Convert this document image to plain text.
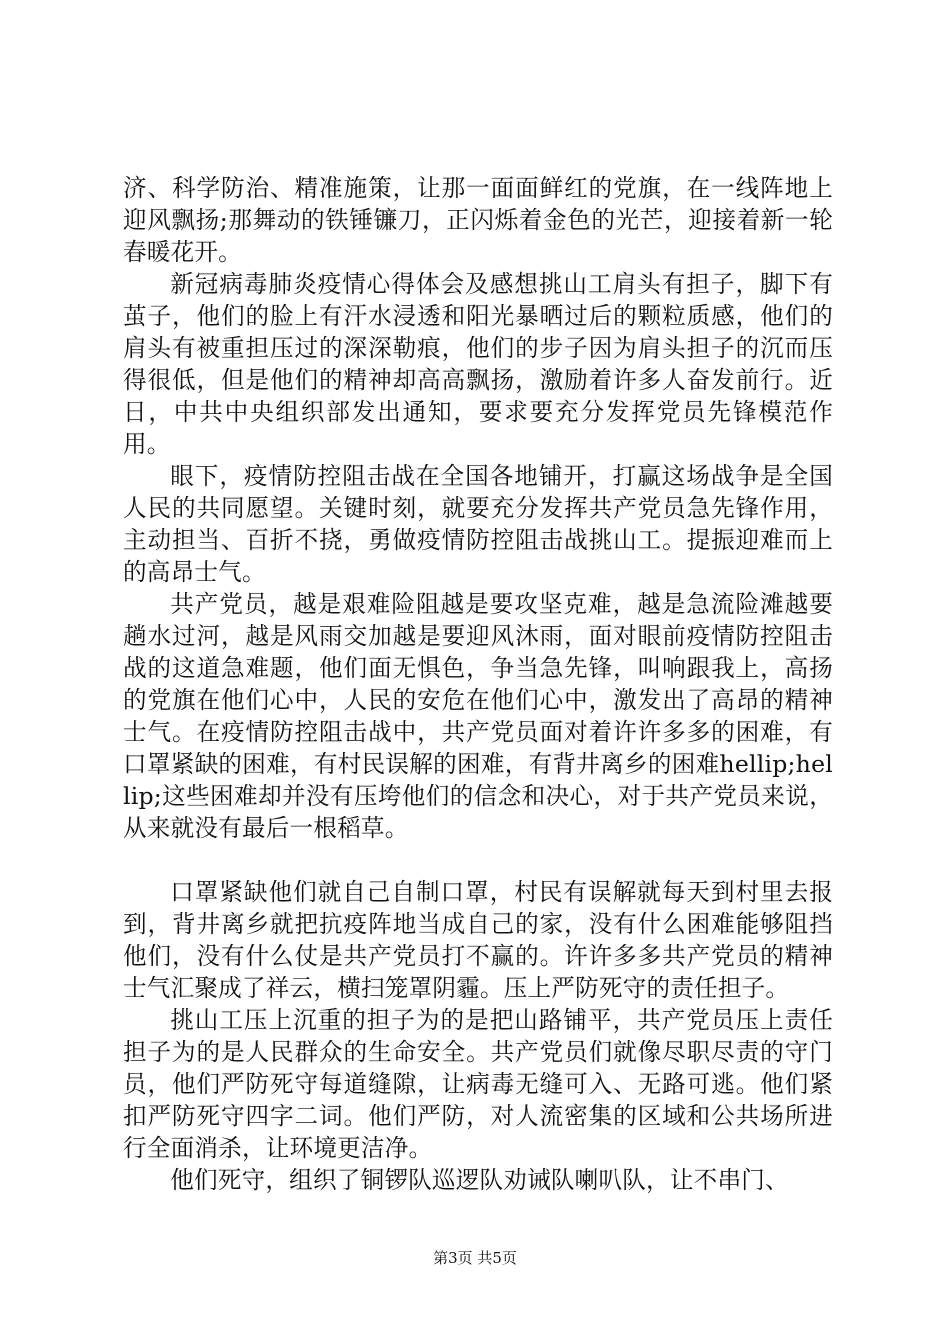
济、科学防治、精准施策，让那一面面鲜红的党旗，在一线阵地上迎风飘扬;那舞动的铁锤镰刀，正闪烁着金色的光芒，迎接着新一轮春暖花开。

新冠病毒肺炎疫情心得体会及感想挑山工肩头有担子，脚下有茧子，他们的脸上有汗水浸透和阳光暴晒过后的颗粒质感，他们的肩头有被重担压过的深深勒痕，他们的步子因为肩头担子的沉而压得很低，但是他们的精神却高高飘扬，激励着许多人奋发前行。近日，中共中央组织部发出通知，要求要充分发挥党员先锋模范作用。

眼下，疫情防控阻击战在全国各地铺开，打赢这场战争是全国人民的共同愿望。关键时刻，就要充分发挥共产党员急先锋作用，主动担当、百折不挠，勇做疫情防控阻击战挑山工。提振迎难而上的高昂士气。

共产党员，越是艰难险阻越是要攻坚克难，越是急流险滩越要趟水过河，越是风雨交加越是要迎风沐雨，面对眼前疫情防控阻击战的这道急难题，他们面无惧色，争当急先锋，叫响跟我上，高扬的党旗在他们心中，人民的安危在他们心中，激发出了高昂的精神士气。在疫情防控阻击战中，共产党员面对着许许多多的困难，有口罩紧缺的困难，有村民误解的困难，有背井离乡的困难hellip;hellip;这些困难却并没有压垮他们的信念和决心，对于共产党员来说，从来就没有最后一根稻草。

口罩紧缺他们就自己自制口罩，村民有误解就每天到村里去报到，背井离乡就把抗疫阵地当成自己的家，没有什么困难能够阻挡他们，没有什么仗是共产党员打不赢的。许许多多共产党员的精神士气汇聚成了祥云，横扫笼罩阴霾。压上严防死守的责任担子。

挑山工压上沉重的担子为的是把山路铺平，共产党员压上责任担子为的是人民群众的生命安全。共产党员们就像尽职尽责的守门员，他们严防死守每道缝隙，让病毒无缝可入、无路可逃。他们紧扣严防死守四字二词。他们严防，对人流密集的区域和公共场所进行全面消杀，让环境更洁净。

他们死守，组织了铜锣队巡逻队劝诫队喇叭队，让不串门、

第3页 共5页
